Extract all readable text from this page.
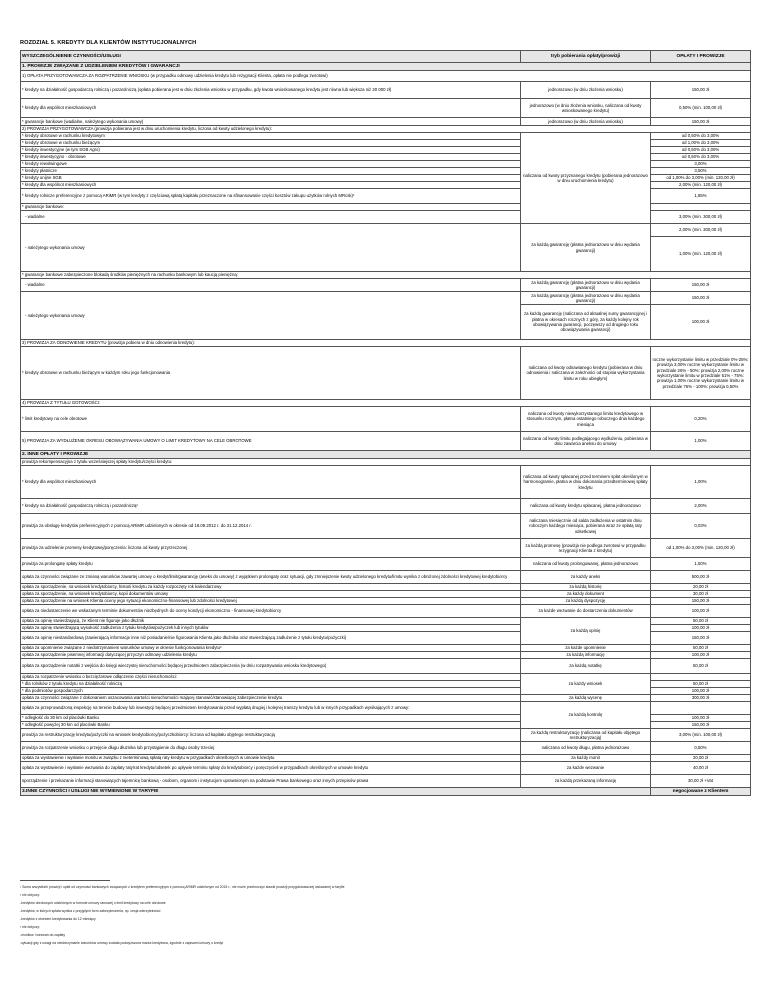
ROZDZIAŁ 5. KREDYTY DLA KLIENTÓW INSTYTUCJONALNYCH
WYSZCZEGÓLNIENIE CZYNNOŚCI/USŁUGI	tryb pobierania opłaty/prowizji	OPŁATY I PROWIZJE
1. PROWIZJE ZWIĄZANE Z UDZIELENIEM KREDYTÓW I GWARANCJI		
1) OPŁATA PRZYGOTOWAWCZA ZA ROZPATRZENIE WNIOSKU (w przypadku odmowy udzielenia kredytu lub rezygnacji Klienta, opłata nie podlega zwrotowi)		
* kredyty na działalność gospodarczą rolniczą i pozarolniczą (opłata pobierana jest w dniu złożenia wniosku w przypadku, gdy kwota wnioskowanego kredytu jest równa lub większa niż 20 000 zł)	jednorazowo (w dniu złożenia wniosku)	150,00 zł
* kredyty dla wspólnot mieszkaniowych	jednorazowo (w dniu złożenia wniosku, naliczana od kwoty wnioskowanego kredytu)	0,50% (min. 100,00 zł)
* gwarancje bankowe (wadialne, należytego wykonania umowy)	jednorazowo (w dniu złożenia wniosku)	150,00 zł
2) PROWIZJA PRZYGOTOWAWCZA (prowizja pobierana jest w dniu uruchomienia kredytu, liczona od kwoty udzielonego kredytu):		
* kredyty obrotowe w rachunku kredytowym	naliczana od kwoty przyznanego kredytu (pobierana jednorazowo w dniu uruchomienia kredytu)	od 0,50% do 3,00%
* kredyty obrotowe w rachunku bieżącym		od 1,00% do 3,00%
* kredyty inwestycyjne (w tym SGB Agro)		od 0,50% do 3,00%
* kredyty inwestycyjno - obrotowe		od 0,50% do 3,00%
* kredyty rewolwingowe		3,00%
* kredyty płatnicze		3,50%
* kredyty unijne SGB		od 1,00% do 3,00% (min. 120,00 zł)
* kredyty dla wspólnot mieszkaniowych		2,00% (min. 120,00 zł)
* kredyty rolnicze preferencyjne z pomocą ARiMR (w tym kredyty z częściową spłatą kapitału przeznaczone na sfinansowanie części kosztów zakupu użytków rolnych MRcsk)¹		1,85%
* gwarancje bankowe:		
- wadialne		3,00% (min. 300,00 zł)
- należytego wykonania umowy	za każdą gwarancję (płatna jednorazowo w dniu wydania gwarancji)	2,00% (min. 300,00 zł)
		1,00% (min. 120,00 zł)
* gwarancje bankowe zabezpieczone blokadą środków pieniężnych na rachunku bankowym lub kaucją pieniężną:		
- wadialne	za każdą gwarancję (płatna jednorazowo w dniu wydania gwarancji)	150,00 zł
- należytego wykonania umowy	za każdą gwarancję (płatna jednorazowo w dniu wydania gwarancji)	150,00 zł
	za każdą gwarancję (naliczana od aktualnej sumy gwarancyjnej i płatna w okresach rocznych z góry, za każdy kolejny rok obowiązywania gwarancji, poczęwszy od drugiego roku obowiązywania gwarancji)	100,00 zł
3) PROWIZJA ZA ODNOWIENIE KREDYTU (prowizja pobiera w dniu odnowienia kredytu):		
* kredyty obrotowe w rachunku bieżącym w każdym roku jego funkcjonowania	naliczana od kwoty odnawianego kredytu (pobierana w dniu odnowienia i naliczana w zależności od stopnia wykorzystania limitu w roku ubiegłym)	roczne wykorzystanie limitu w przedziale 0%-25%: prowizja 3,00% roczne wykorzystanie limitu w przedziale 26% - 50%: prowizja 2,00% roczne wykorzystanie limitu w przedziale 51% - 75%: prowizja 1,00% roczne wykorzystanie limitu w przedziale 76% - 100%: prowizja 0,50%
4) PROWIZJA Z TYTUŁU GOTOWOŚCI:		
* limit kredytowy na cele obrotowe	naliczana od kwoty niewykorzystanego limitu kredytowego w stosunku rocznym, płatna ostatniego roboczego dnia każdego miesiąca	0,20%
5) PROWIZJA ZA WYDŁUŻENIE OKRESU OBOWIĄZYWANIA UMOWY O LIMIT KREDYTOWY NA CELE OBROTOWE	naliczana od kwoty limitu podlegającego wydłużeniu, pobierana w dniu zawarcia aneksu do umowy	1,00%
2. INNE OPŁATY I PROWIZJE		
prowizja rekompensacyjna z tytułu wcześniejszej spłaty kredytu/części kredytu:		
* kredyty dla wspólnot mieszkaniowych	naliczana od kwoty spłacanej przed terminem spłat określonym w harmonogramie, płatna w dniu dokonania przedterminowej spłaty kredytu	1,00%
* kredyty na działalność gospodarczą rolniczą i pozarolniczą²	naliczana od kwoty kredytu spłacanej, płatna jednorazowo	2,00%
prowizja za obsługę kredytów preferencyjnych z pomocą ARiMR udzielonych w okresie od 18.09.2012 r. do 31.12.2014 r.	naliczana miesięcznie od salda zadłużenia w ostatnim dniu roboczym każdego miesiąca, pobierana wraz ze spłatą raty odsetkowej	0,03%
prowizja za udzielenie promesy kredytowej/poręczenia: liczona od kwoty przyrzeczonej	za każdą promesę (prowizja nie podlega zwrotowi w przypadku rezygnacji Klienta z kredytu)	od 1,00% do 3,00% (min. 120,00 zł)
prowizja za prolongatę spłaty kredytu	naliczana od kwoty prolongowanej, płatna jednorazowo	1,50%
opłata za czynności związane ze zmianą warunków zawartej umowy o kredyt/limit/gwarancję (aneks do umowy) z wyjątkiem prolongaty oraz sytuacji, gdy zmniejszenie kwoty udzielonego kredytu/limitu wynika z obniżonej zdolności kredytowej kredytobiorcy	za każdy aneks	500,00 zł
opłata za sporządzenie, na wniosek kredytobiorcy, historii kredytu za każdy rozpoczęty rok kalendarzowy	za każdą historię	20,00 zł
opłata za sporządzenie, na wniosek kredytobiorcy, kopii dokumentów umowy	za każdy dokument	30,00 zł
opłata za sporządzenie na wniosek Klienta oceny jego sytuacji ekonomiczno-finansowej lub zdolności kredytowej	za każdą dyspozycję	150,00 zł
opłata za niedostarczenie we wskazanym terminie dokumentów niezbędnych do oceny kondycji ekonomiczno - finansowej kredytobiorcy	za każde wezwanie do dostarczenia dokumentów	100,00 zł
opłata za opinię stwierdzającą, że Klient nie figuruje jako dłużnik	za każdą opinię	50,00 zł
opłata za opinię stwierdzającą wysokość zadłużenia z tytułu kredytów/pożyczek lub innych tytułów		100,00 zł
opłata za opinię niestandardową (zawierającą informacje inne niż posiadanie/nie figurowania Klienta jako dłużnika oraz stwierdzającą zadłużenie z tytułu kredytu/pożyczki)		150,00 zł
opłata za upomnienie związane z niedotrzymaniem warunków umowy w okresie funkcjonowania kredytu³	za każde upomnienie	50,00 zł
opłata za sporządzenie pisemnej informacji dotyczącej przyczyn odmowy udzielenia kredytu	za każdą informację	100,00 zł
opłata za sporządzenie notatki z wejścia do księgi wieczystej nieruchomości będącej przedmiotem zabezpieczenia (w dniu rozpatrywania wniosku kredytowego)	za każdą notatkę	50,00 zł
opłata za rozpatrzenie wniosku o bezciężarowe odłączenie części nieruchomości:	za każdy wniosek	
* dla rolników z tytułu kredytu na działalność rolniczą		50,00 zł
* dla podmiotów gospodarczych		100,00 zł
opłata za czynności związane z dokonaniem oszacowania wartości nieruchomości mającej stanowić/stanowiącej zabezpieczenie kredytu	za każdą wycenę	300,00 zł
opłata za przeprowadzoną inspekcję na terenie budowy lub inwestycji będącej przedmiotem kredytowania przed wypłatą drugiej i kolejnej transzy kredytu lub w innych przypadkach wynikających z umowy:	za każdą kontrolę	
* odległość do 30 km od placówki Banku		100,00 zł
* odległość powyżej 30 km od placówki Banku		150,00 zł
prowizja za restrukturyzację kredytu/pożyczki na wniosek kredytobiorcy/pożyczkobiorcy: liczona od kapitału objętego restrukturyzacją	za każdą restrukturyzację (naliczana od kapitału objętego restrukturyzacją)	3,00% (min. 100,00 zł)
prowizja za rozpatrzenie wniosku o przejęcie długu dłużnika lub przystąpienie do długu osoby trzeciej	naliczana od kwoty długu, płatna jednorazowo	0,50%
opłata za wystawienie i wysłanie monitu w związku z nieterminową spłatą raty kredytu w przypadkach określonych w umowie kredytu	za każdy monit	20,00 zł
opłata za wystawienie i wysłanie wezwania do zapłaty raty/rat kredytu/odsetek po upływie terminu spłaty do kredytobiorcy i poręczycieli w przypadkach określonych w umowie kredytu	za każde wezwanie	40,00 zł
sporządzenie i przekazanie informacji stanowiących tajemnicę bankową - osobom, organom i instytucjom uprawnionym na podstawie Prawa bankowego oraz innych przepisów prawa	za każdą przekazaną informację	30,00 zł +Vat
3.INNE CZYNNOŚCI I USŁUGI NIE WYMIENIONE W TARYFIE		negocjowane z Klientem
¹ Suma wszystkich prowizji i opłat od czynności bankowych związanych z kredytem preferencyjnym z pomocą ARiMR udzielonym od 2015 r., nie może przekroczyć stawki prowizji przygotowawczej wskazanej w taryfie
² nie dotyczy:
-kredytów obrotowych udzielonych w formule umowy ramowej o limit kredytowy na cele obrotowe
-kredytów, w których spłata wynika z przyjętych form zabezpieczenia, np. cesja wierzytelności
-kredytów z okresem kredytowania do 12 miesięcy
³ nie dotyczy:
-monitów i wezwań do zapłaty
-sytuacji gdy z uwagi na niedotrzymanie warunków umowy została podwyższona marża kredytowa, zgodnie z zapisami umowy o kredyt
